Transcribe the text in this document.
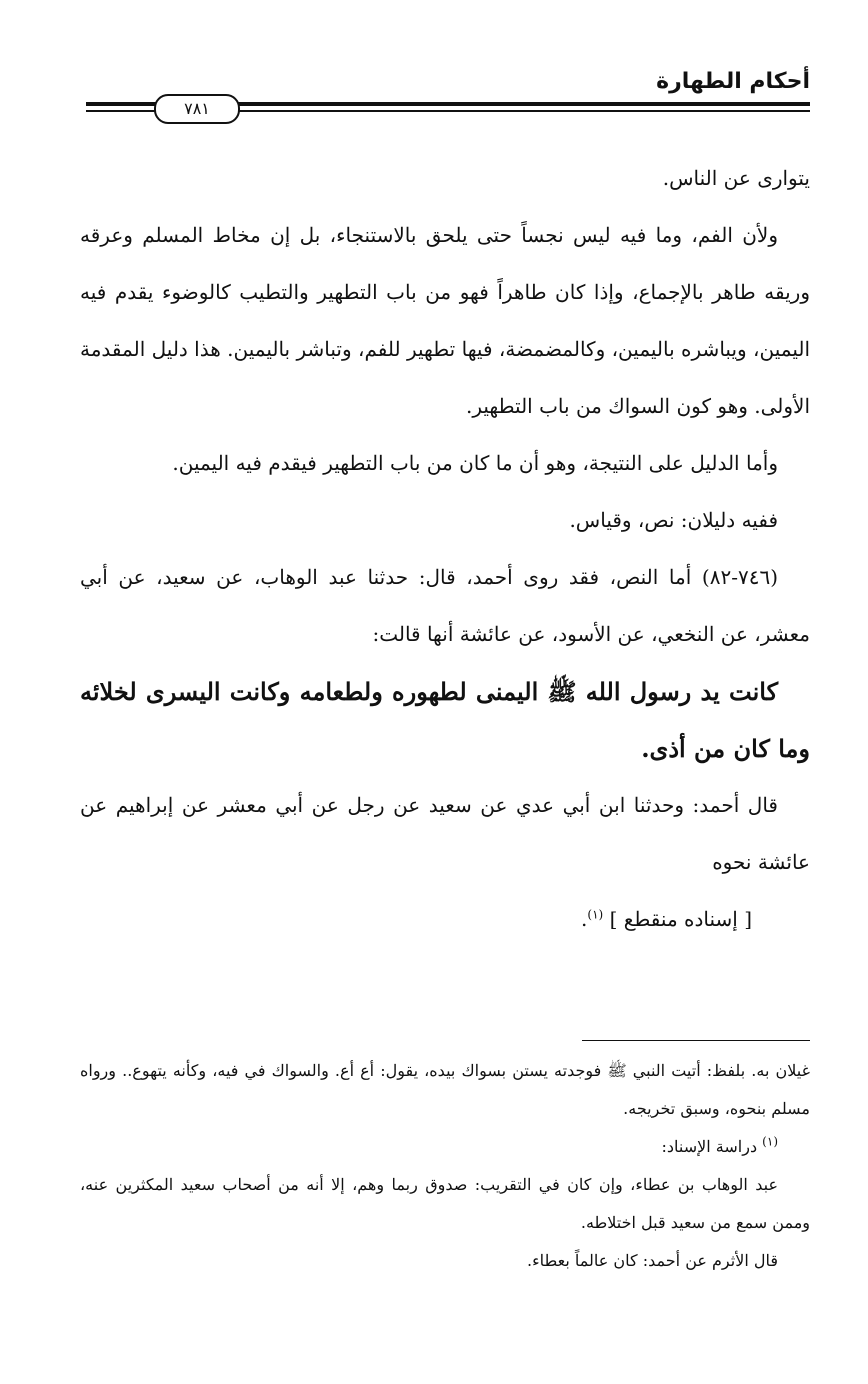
أحكام الطهارة
٧٨١

يتوارى عن الناس.

ولأن الفم، وما فيه ليس نجساً حتى يلحق بالاستنجاء، بل إن مخاط المسلم وعرقه وريقه طاهر بالإجماع، وإذا كان طاهراً فهو من باب التطهير والتطيب كالوضوء يقدم فيه اليمين، ويباشره باليمين، وكالمضمضة، فيها تطهير للفم، وتباشر باليمين. هذا دليل المقدمة الأولى. وهو كون السواك من باب التطهير.

وأما الدليل على النتيجة، وهو أن ما كان من باب التطهير فيقدم فيه اليمين.

ففيه دليلان: نص، وقياس.

(٧٤٦-٨٢) أما النص، فقد روى أحمد، قال: حدثنا عبد الوهاب، عن سعيد، عن أبي معشر، عن النخعي، عن الأسود، عن عائشة أنها قالت:

كانت يد رسول الله ﷺ اليمنى لطهوره ولطعامه وكانت اليسرى لخلائه وما كان من أذى.

قال أحمد: وحدثنا ابن أبي عدي عن سعيد عن رجل عن أبي معشر عن إبراهيم عن عائشة نحوه

[ إسناده منقطع ] $^{(١)}$.

غيلان به. بلفظ: أتيت النبي ﷺ فوجدته يستن بسواك بيده، يقول: أع أع. والسواك في فيه، وكأنه يتهوع.. ورواه مسلم بنحوه، وسبق تخريجه.

$^{(١)}$ دراسة الإسناد:

عبد الوهاب بن عطاء، وإن كان في التقريب: صدوق ربما وهم، إلا أنه من أصحاب سعيد المكثرين عنه، وممن سمع من سعيد قبل اختلاطه.

قال الأثرم عن أحمد: كان عالماً بعطاء.
